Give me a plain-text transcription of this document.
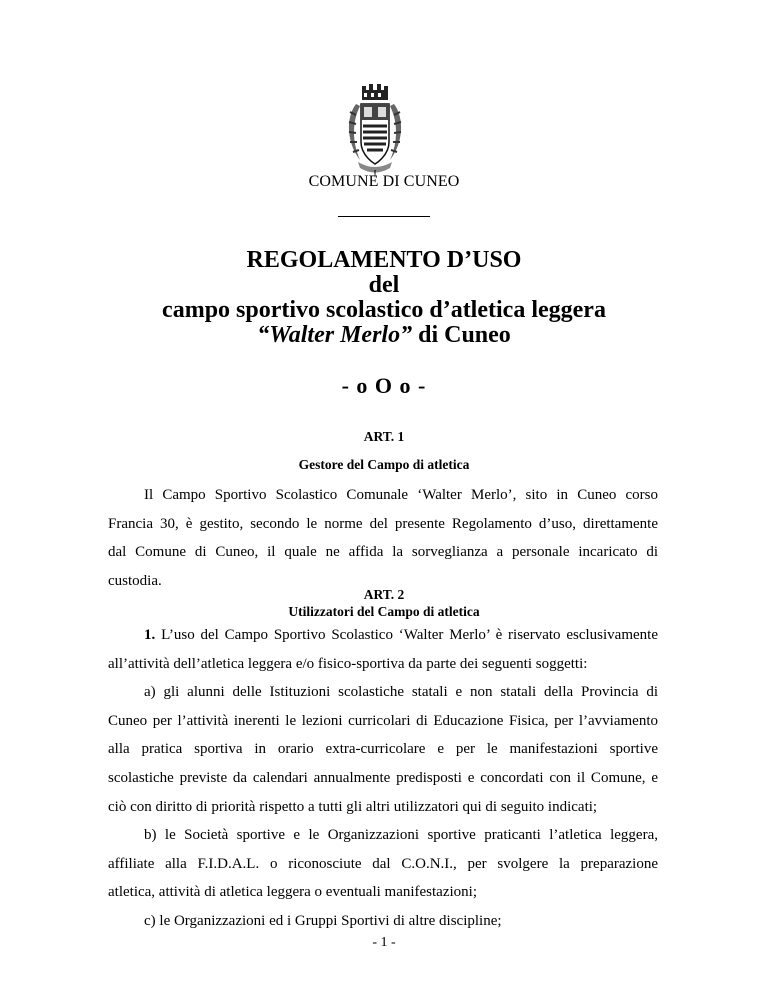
COMUNE DI CUNEO
REGOLAMENTO D’USO
del
campo sportivo scolastico d’atletica leggera
“Walter Merlo” di Cuneo
- o O o -
ART. 1
Gestore del Campo di atletica
Il Campo Sportivo Scolastico Comunale ‘Walter Merlo’, sito in Cuneo corso
Francia 30, è gestito, secondo le norme del presente Regolamento d’uso, direttamente
dal Comune di Cuneo, il quale ne affida la sorveglianza a personale incaricato di
custodia.
ART. 2
Utilizzatori del Campo di atletica
1. L’uso del Campo Sportivo Scolastico ‘Walter Merlo’ è riservato esclusivamente
all’attività dell’atletica leggera e/o fisico-sportiva da parte dei seguenti soggetti:
a) gli alunni delle Istituzioni scolastiche statali e non statali della Provincia di
Cuneo per l’attività inerenti le lezioni curricolari di Educazione Fisica, per l’avviamento
alla pratica sportiva in orario extra-curricolare e per le manifestazioni sportive
scolastiche previste da calendari annualmente predisposti e concordati con il Comune, e
ciò con diritto di priorità rispetto a tutti gli altri utilizzatori qui di seguito indicati;
b) le Società sportive e le Organizzazioni sportive praticanti l’atletica leggera,
affiliate alla F.I.D.A.L. o riconosciute dal C.O.N.I., per svolgere la preparazione
atletica, attività di atletica leggera o eventuali manifestazioni;
c) le Organizzazioni ed i Gruppi Sportivi di altre discipline;
- 1 -
